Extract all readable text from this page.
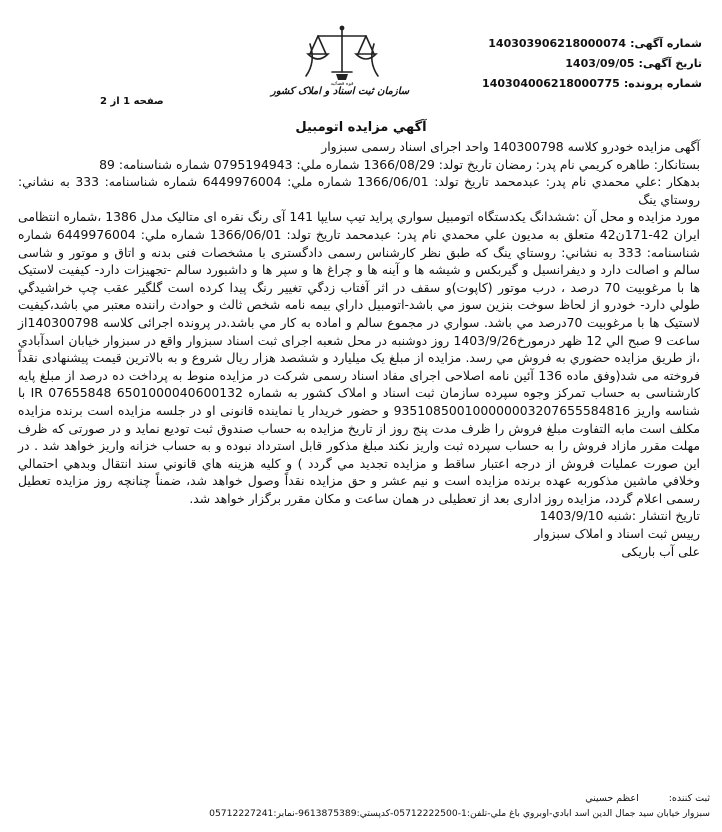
شماره آگهی:140303906218000074
تاریخ آگهی:1403/09/05
شماره پرونده:140304006218000775
صفحه 1 از 2
قوه قضائیه
سازمان ثبت اسناد و املاک کشور
آگهي مزايده اتومبيل

آگهی مزایده خودرو کلاسه 140300798 واحد اجرای اسناد رسمی سبزوار

بستانکار: طاهره كريمي نام پدر: رمضان تاريخ تولد: 1366/08/29 شماره ملي: 0795194943 شماره شناسنامه: 89

بدهکار :علي محمدي نام پدر: عبدمحمد تاريخ تولد: 1366/06/01 شماره ملي: 6449976004 شماره شناسنامه: 333 به نشاني: روستاي ينگ

مورد مزایده و محل آن :ششدانگ يكدستگاه اتومبيل سواري پرايد تيپ سايپا 141 آی رنگ نقره ای متالیک مدل 1386 ،شماره انتظامی ایران 42-171ن42 متعلق به مديون علي محمدي نام پدر: عبدمحمد تاريخ تولد: 1366/06/01 شماره ملي: 6449976004 شماره شناسنامه: 333 به نشاني: روستاي ينگ كه طبق نظر کارشناس رسمی دادگستری با مشخصات فنی بدنه و اتاق و موتور و شاسی سالم و اصالت دارد و ديفرانسيل و گيربكس و شيشه ها و آینه ها و چراغ ها و سپر ها و داشبورد سالم -تجهيزات دارد- كيفيت لاستيک ها با مرغوبيت 70 درصد ، درب موتور (كاپوت)و سقف در اثر آفتاب زدگي تغيير رنگ پيدا كرده است گلگير عقب چپ خراشيدگي طولي دارد- خودرو از لحاظ سوخت بنزين سوز مي باشد-اتومبيل داراي بيمه نامه شخص ثالث و حوادث راننده معتبر مي باشد،كيفيت لاستيک ها با مرغوبيت 70درصد مي باشد. سواري در مجموع سالم و اماده به كار مي باشد.در پرونده اجرائی کلاسه 140300798از ساعت 9 صبح الي 12 ظهر درمورخ1403/9/26 روز دوشنبه در محل شعبه اجرای ثبت اسناد سبزوار واقع در سبزوار خيابان اسدآبادي ،از طريق مزايده حضوري به فروش مي رسد. مزايده از مبلغ یک میلیارد و ششصد هزار ريال شروع و به بالاترین قیمت پیشنهادی نقداً فروخته می شد(وفق ماده 136 آئین نامه اصلاحی اجرای مفاد اسناد رسمی شرکت در مزایده منوط به پرداخت ده درصد از مبلغ پایه کارشناسی به حساب تمرکز وجوه سپرده سازمان ثبت اسناد و املاک کشور به شماره 6501000040600132 07655848 IR با شناسه واریز 935108500100000003207655584816 و حضور خریدار یا نماینده قانونی او در جلسه مزایده است برنده مزایده مکلف است مابه التفاوت مبلغ فروش را ظرف مدت پنج روز از تاریخ مزایده به حساب صندوق ثبت تودیع نماید و در صورتی که ظرف مهلت مقرر مازاد فروش را به حساب سپرده ثبت واریز نکند مبلغ مذکور قابل استرداد نبوده و به حساب خزانه واریز خواهد شد . در این صورت عمليات فروش از درجه اعتبار ساقط و مزايده تجديد مي گردد ) و كليه هزينه هاي قانوني سند انتقال وبدهي احتمالي وخلافي ماشين مذكوربه عهده برنده مزايده است و نيم عشر و حق مزايده نقداً وصول خواهد شد، ضمناً چنانچه روز مزایده تعطیل رسمی اعلام گردد، مزایده روز اداری بعد از تعطیلی در همان ساعت و مکان مقرر برگزار خواهد شد.

تاريخ انتشار :شنبه 1403/9/10

رييس ثبت اسناد و املاک سبزوار

علی آب باریکی

ثبت كننده:اعظم حسيني
سبزوار خيابان سيد جمال الدين اسد ابادي-اوبروي باغ ملي-تلفن:1-05712222500-كدپستي:9613875389-نمابر:05712227241
